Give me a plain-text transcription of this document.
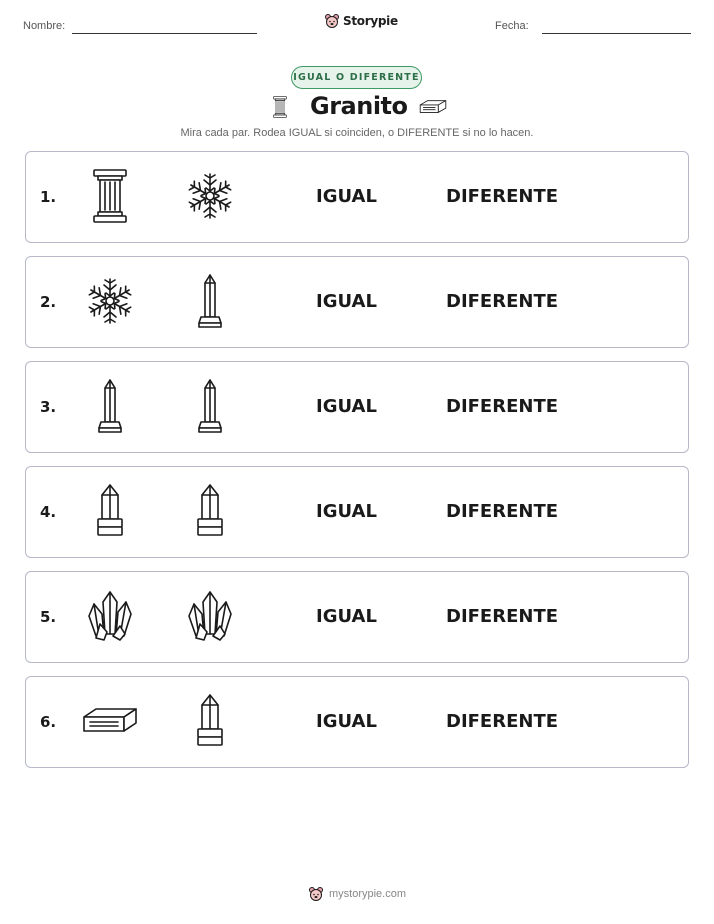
Nombre:	Storypie	Fecha:
IGUAL O DIFERENTE
Granito
Mira cada par. Rodea IGUAL si coinciden, o DIFERENTE si no lo hacen.
1.	IGUAL	DIFERENTE
2.	IGUAL	DIFERENTE
3.	IGUAL	DIFERENTE
4.	IGUAL	DIFERENTE
5.	IGUAL	DIFERENTE
6.	IGUAL	DIFERENTE
mystorypie.com
